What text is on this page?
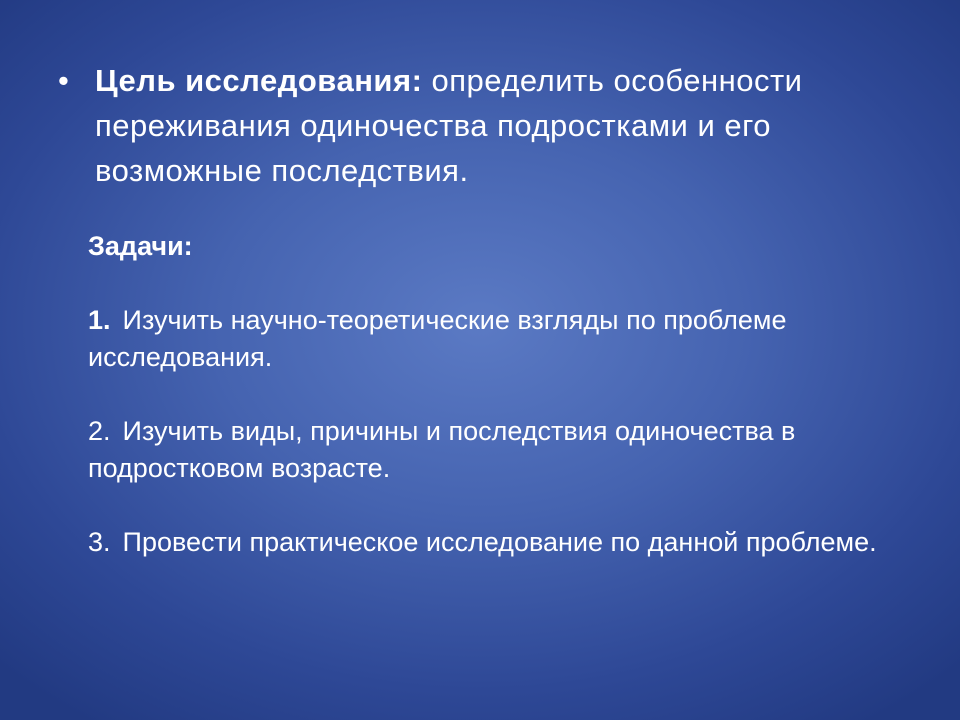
• Цель исследования: определить особенности переживания одиночества подростками и его возможные последствия.
Задачи:
1. Изучить научно-теоретические взгляды по проблеме исследования.
2. Изучить виды, причины и последствия одиночества в подростковом возрасте.
3. Провести практическое исследование по данной проблеме.
